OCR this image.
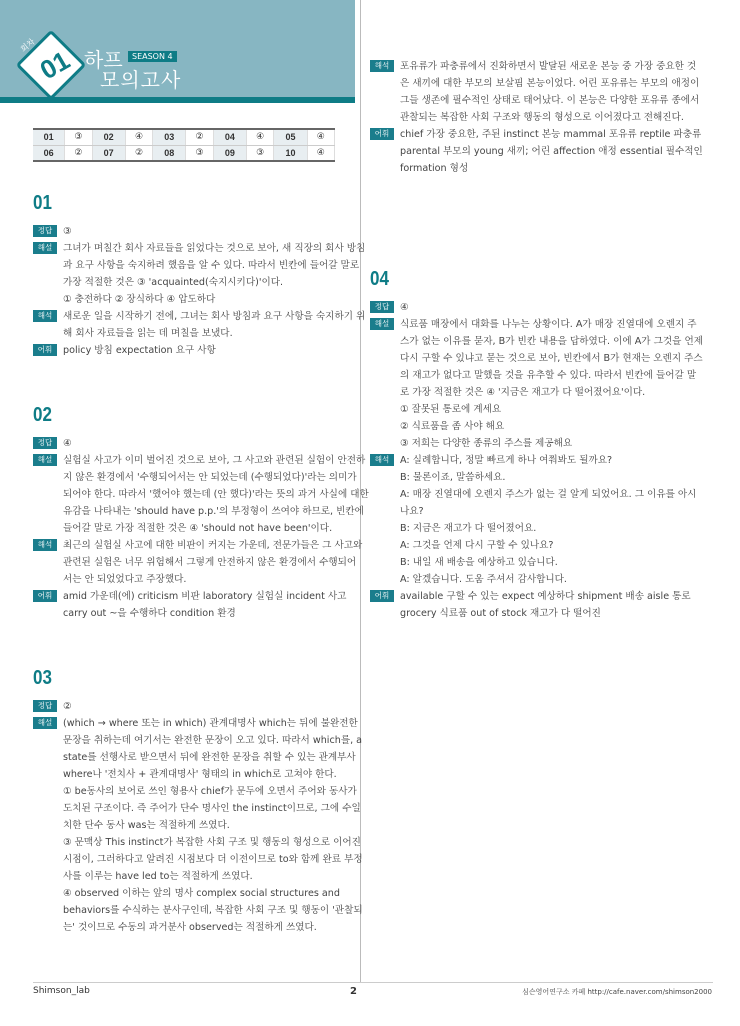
01
회차
하프
모의고사
SEASON 4
01	③	02	④	03	②	04	④	05	④
06	②	07	②	08	③	09	③	10	④
01
정답	③
해설	그녀가 며칠간 회사 자료들을 읽었다는 것으로 보아, 새 직장의 회사 방침
과 요구 사항을 숙지하려 했음을 알 수 있다. 따라서 빈칸에 들어갈 말로
가장 적절한 것은 ③ 'acquainted(숙지시키다)'이다.
① 충전하다 ② 장식하다 ④ 압도하다
해석	새로운 일을 시작하기 전에, 그녀는 회사 방침과 요구 사항을 숙지하기 위
해 회사 자료들을 읽는 데 며칠을 보냈다.
어휘	policy 방침 expectation 요구 사항
02
정답	④
해설	실험실 사고가 이미 벌어진 것으로 보아, 그 사고와 관련된 실험이 안전하
지 않은 환경에서 '수행되어서는 안 되었는데 (수행되었다)'라는 의미가
되어야 한다. 따라서 '했어야 했는데 (안 했다)'라는 뜻의 과거 사실에 대한
유감을 나타내는 'should have p.p.'의 부정형이 쓰여야 하므로, 빈칸에
들어갈 말로 가장 적절한 것은 ④ 'should not have been'이다.
해석	최근의 실험실 사고에 대한 비판이 커지는 가운데, 전문가들은 그 사고와
관련된 실험은 너무 위험해서 그렇게 안전하지 않은 환경에서 수행되어
서는 안 되었었다고 주장했다.
어휘	amid 가운데(에) criticism 비판 laboratory 실험실 incident 사고
carry out ~을 수행하다 condition 환경
03
정답	②
해설	(which → where 또는 in which) 관계대명사 which는 뒤에 불완전한
문장을 취하는데 여기서는 완전한 문장이 오고 있다. 따라서 which를, a
state를 선행사로 받으면서 뒤에 완전한 문장을 취할 수 있는 관계부사
where나 '전치사 + 관계대명사' 형태의 in which로 고쳐야 한다.
① be동사의 보어로 쓰인 형용사 chief가 문두에 오면서 주어와 동사가
도치된 구조이다. 즉 주어가 단수 명사인 the instinct이므로, 그에 수일
치한 단수 동사 was는 적절하게 쓰였다.
③ 문맥상 This instinct가 복잡한 사회 구조 및 행동의 형성으로 이어진
시점이, 그러하다고 알려진 시점보다 더 이전이므로 to와 함께 완료 부정
사를 이루는 have led to는 적절하게 쓰였다.
④ observed 이하는 앞의 명사 complex social structures and
behaviors를 수식하는 분사구인데, 복잡한 사회 구조 및 행동이 '관찰되
는' 것이므로 수동의 과거분사 observed는 적절하게 쓰였다.
해석	포유류가 파충류에서 진화하면서 발달된 새로운 본능 중 가장 중요한 것
은 새끼에 대한 부모의 보살핌 본능이었다. 어린 포유류는 부모의 애정이
그들 생존에 필수적인 상태로 태어났다. 이 본능은 다양한 포유류 종에서
관찰되는 복잡한 사회 구조와 행동의 형성으로 이어졌다고 전해진다.
어휘	chief 가장 중요한, 주된 instinct 본능 mammal 포유류 reptile 파충류
parental 부모의 young 새끼; 어린 affection 애정 essential 필수적인
formation 형성
04
정답	④
해설	식료품 매장에서 대화를 나누는 상황이다. A가 매장 진열대에 오렌지 주
스가 없는 이유를 묻자, B가 빈칸 내용을 답하였다. 이에 A가 그것을 언제
다시 구할 수 있냐고 묻는 것으로 보아, 빈칸에서 B가 현재는 오렌지 주스
의 재고가 없다고 말했을 것을 유추할 수 있다. 따라서 빈칸에 들어갈 말
로 가장 적절한 것은 ④ '지금은 재고가 다 떨어졌어요'이다.
① 잘못된 통로에 계세요
② 식료품을 좀 사야 해요
③ 저희는 다양한 종류의 주스를 제공해요
해석	A: 실례합니다, 정말 빠르게 하나 여쭤봐도 될까요?
B: 물론이죠, 말씀하세요.
A: 매장 진열대에 오렌지 주스가 없는 걸 알게 되었어요. 그 이유를 아시
나요?
B: 지금은 재고가 다 떨어졌어요.
A: 그것을 언제 다시 구할 수 있나요?
B: 내일 새 배송을 예상하고 있습니다.
A: 알겠습니다. 도움 주셔서 감사합니다.
어휘	available 구할 수 있는 expect 예상하다 shipment 배송 aisle 통로
grocery 식료품 out of stock 재고가 다 떨어진
Shimson_lab	2	심슨영어연구소 카페 http://cafe.naver.com/shimson2000
